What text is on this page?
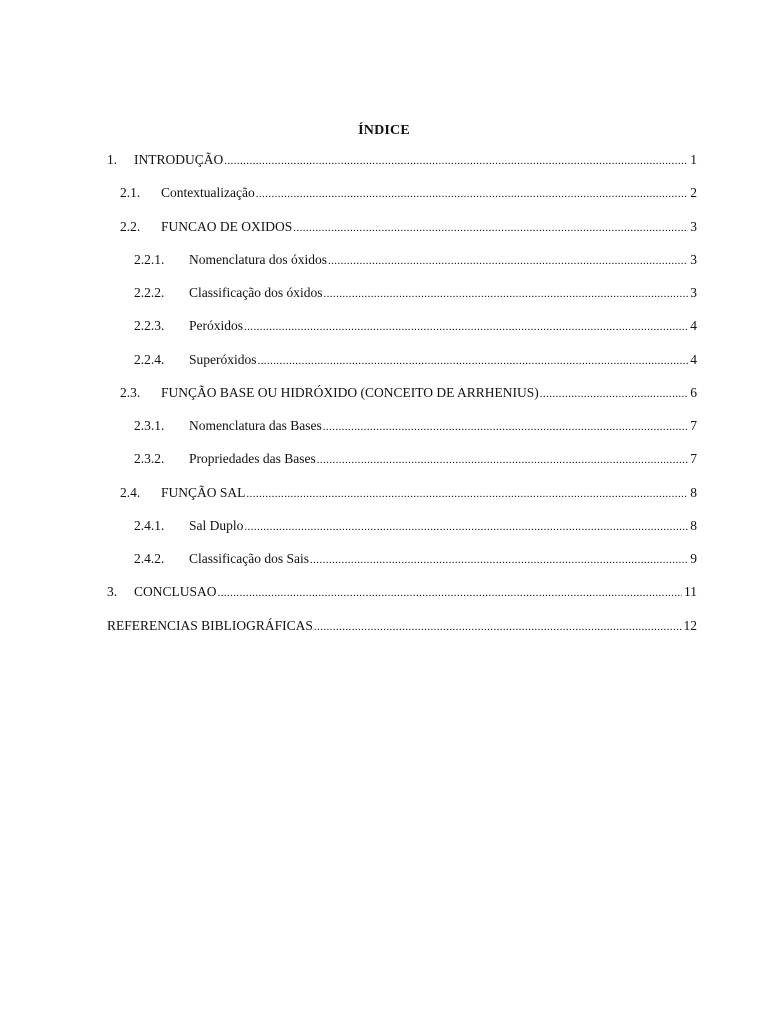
ÍNDICE
1. INTRODUÇÃO .....	1
2.1. Contextualização .....	2
2.2. FUNCAO DE OXIDOS .....	3
2.2.1. Nomenclatura dos óxidos .....	3
2.2.2. Classificação dos óxidos .....	3
2.2.3. Peróxidos .....	4
2.2.4. Superóxidos .....	4
2.3. FUNÇÃO BASE OU HIDRÓXIDO (CONCEITO DE ARRHENIUS) .....	6
2.3.1. Nomenclatura das Bases .....	7
2.3.2. Propriedades das Bases .....	7
2.4. FUNÇÃO SAL .....	8
2.4.1. Sal Duplo .....	8
2.4.2. Classificação dos Sais .....	9
3. CONCLUSAO .....	11
REFERENCIAS BIBLIOGRÁFICAS .....	12
